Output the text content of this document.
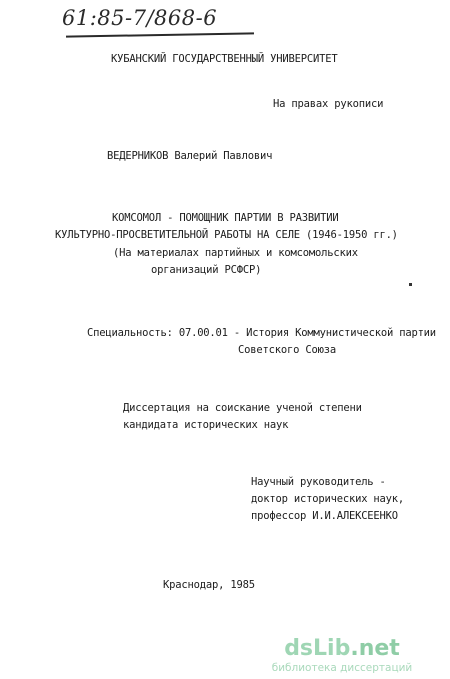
61:85-7/868-6
КУБАНСКИЙ ГОСУДАРСТВЕННЫЙ УНИВЕРСИТЕТ
На правах рукописи
ВЕДЕРНИКОВ Валерий Павлович
КОМСОМОЛ - ПОМОЩНИК ПАРТИИ В РАЗВИТИИ
КУЛЬТУРНО-ПРОСВЕТИТЕЛЬНОЙ РАБОТЫ НА СЕЛЕ (1946-1950 гг.)
(На материалах партийных и комсомольских
организаций РСФСР)
Специальность: 07.00.01 - История Коммунистической партии
Советского Союза
Диссертация на соискание ученой степени
кандидата исторических наук
Научный руководитель -
доктор исторических наук,
профессор И.И.АЛЕКСЕЕНКО
Краснодар, 1985
dsLib.net
библиотека диссертаций
